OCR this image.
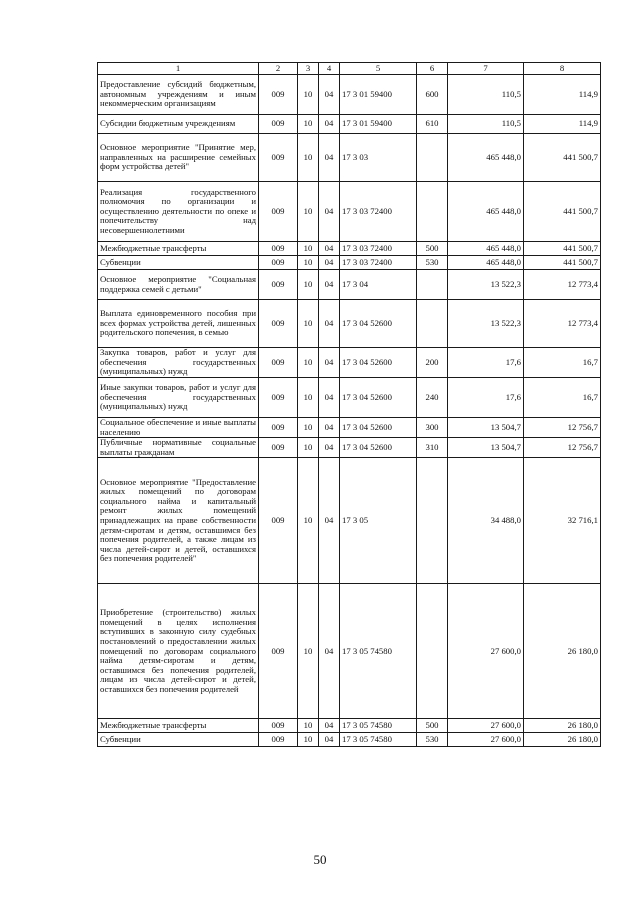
1	2	3	4	5	6	7	8
Предоставление субсидий бюджетным, автономным учреждениям и иным некоммерческим организациям	009	10	04	17 3 01 59400	600	110,5	114,9
Субсидии бюджетным учреждениям	009	10	04	17 3 01 59400	610	110,5	114,9
Основное мероприятие "Принятие мер, направленных на расширение семейных форм устройства детей"	009	10	04	17 3 03		465 448,0	441 500,7
Реализация государственного полномочия по организации и осуществлению деятельности по опеке и попечительству над несовершеннолетними	009	10	04	17 3 03 72400		465 448,0	441 500,7
Межбюджетные трансферты	009	10	04	17 3 03 72400	500	465 448,0	441 500,7
Субвенции	009	10	04	17 3 03 72400	530	465 448,0	441 500,7
Основное мероприятие "Социальная поддержка семей с детьми"	009	10	04	17 3 04		13 522,3	12 773,4
Выплата единовременного пособия при всех формах устройства детей, лишенных родительского попечения, в семью	009	10	04	17 3 04 52600		13 522,3	12 773,4
Закупка товаров, работ и услуг для обеспечения государственных (муниципальных) нужд	009	10	04	17 3 04 52600	200	17,6	16,7
Иные закупки товаров, работ и услуг для обеспечения государственных (муниципальных) нужд	009	10	04	17 3 04 52600	240	17,6	16,7
Социальное обеспечение и иные выплаты населению	009	10	04	17 3 04 52600	300	13 504,7	12 756,7
Публичные нормативные социальные выплаты гражданам	009	10	04	17 3 04 52600	310	13 504,7	12 756,7
Основное мероприятие "Предоставление жилых помещений по договорам социального найма и капитальный ремонт жилых помещений принадлежащих на праве собственности детям-сиротам и детям, оставшимся без попечения родителей, а также лицам из числа детей-сирот и детей, оставшихся без попечения родителей"	009	10	04	17 3 05		34 488,0	32 716,1
Приобретение (строительство) жилых помещений в целях исполнения вступивших в законную силу судебных постановлений о предоставлении жилых помещений по договорам социального найма детям-сиротам и детям, оставшимся без попечения родителей, лицам из числа детей-сирот и детей, оставшихся без попечения родителей	009	10	04	17 3 05 74580		27 600,0	26 180,0
Межбюджетные трансферты	009	10	04	17 3 05 74580	500	27 600,0	26 180,0
Субвенции	009	10	04	17 3 05 74580	530	27 600,0	26 180,0
50
